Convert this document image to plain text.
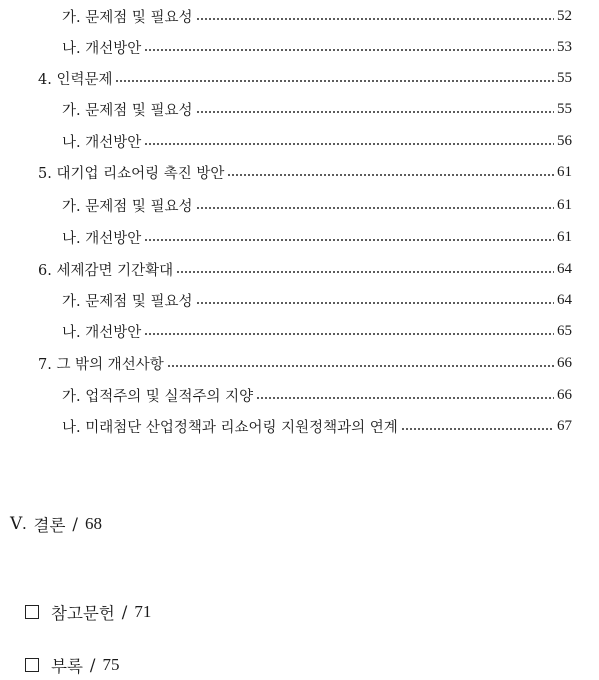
가. 문제점 및 필요성	52
나. 개선방안	53
4. 인력문제	55
가. 문제점 및 필요성	55
나. 개선방안	56
5. 대기업 리쇼어링 촉진 방안	61
가. 문제점 및 필요성	61
나. 개선방안	61
6. 세제감면 기간확대	64
가. 문제점 및 필요성	64
나. 개선방안	65
7. 그 밖의 개선사항	66
가. 업적주의 및 실적주의 지양	66
나. 미래첨단 산업정책과 리쇼어링 지원정책과의 연계	67
Ⅴ. 결론 / 68
참고문헌 / 71
부록 / 75
